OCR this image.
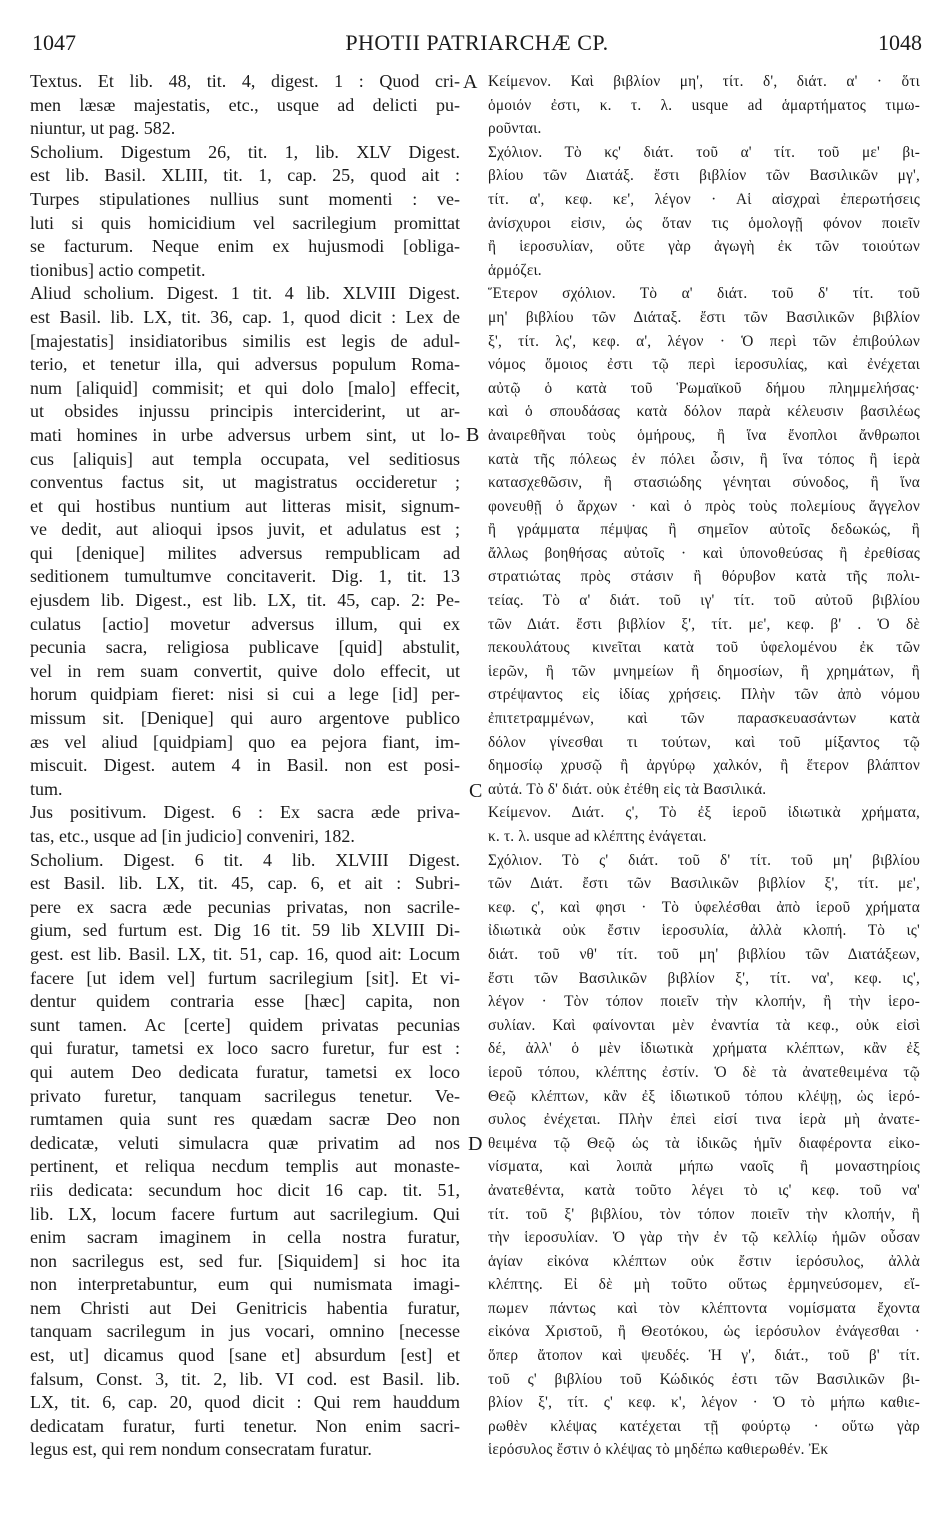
1047	PHOTII PATRIARCHÆ CP.	1048
Textus. Et lib. 48, tit. 4, digest. 1 : Quod cri-
men læsæ majestatis, etc., usque ad delicti pu-
niuntur, ut pag. 582.
Scholium. Digestum 26, tit. 1, lib. XLV Digest.
est lib. Basil. XLIII, tit. 1, cap. 25, quod ait :
Turpes stipulationes nullius sunt momenti : ve-
luti si quis homicidium vel sacrilegium promittat
se facturum. Neque enim ex hujusmodi [obliga-
tionibus] actio competit.
Aliud scholium. Digest. 1 tit. 4 lib. XLVIII Digest.
est Basil. lib. LX, tit. 36, cap. 1, quod dicit : Lex de
[majestatis] insidiatoribus similis est legis de adul-
terio, et tenetur illa, qui adversus populum Roma-
num [aliquid] commisit; et qui dolo [malo] effecit,
ut obsides injussu principis interciderint, ut ar-
mati homines in urbe adversus urbem sint, ut lo-
cus [aliquis] aut templa occupata, vel seditiosus
conventus factus sit, ut magistratus occideretur ;
et qui hostibus nuntium aut litteras misit, signum-
ve dedit, aut alioqui ipsos juvit, et adulatus est ;
qui [denique] milites adversus rempublicam ad
seditionem tumultumve concitaverit. Dig. 1, tit. 13
ejusdem lib. Digest., est lib. LX, tit. 45, cap. 2: Pe-
culatus [actio] movetur adversus illum, qui ex
pecunia sacra, religiosa publicave [quid] abstulit,
vel in rem suam convertit, quive dolo effecit, ut
horum quidpiam fieret: nisi si cui a lege [id] per-
missum sit. [Denique] qui auro argentove publico
æs vel aliud [quidpiam] quo ea pejora fiant, im-
miscuit. Digest. autem 4 in Basil. non est posi-
tum.
Jus positivum. Digest. 6 : Ex sacra æde priva-
tas, etc., usque ad [in judicio] conveniri, 182.
Scholium. Digest. 6 tit. 4 lib. XLVIII Digest.
est Basil. lib. LX, tit. 45, cap. 6, et ait : Subri-
pere ex sacra æde pecunias privatas, non sacrile-
gium, sed furtum est. Dig 16 tit. 59 lib XLVIII Di-
gest. est lib. Basil. LX, tit. 51, cap. 16, quod ait: Locum
facere [ut idem vel] furtum sacrilegium [sit]. Et vi-
dentur quidem contraria esse [hæc] capita, non
sunt tamen. Ac [certe] quidem privatas pecunias
qui furatur, tametsi ex loco sacro furetur, fur est :
qui autem Deo dedicata furatur, tametsi ex loco
privato furetur, tanquam sacrilegus tenetur. Ve-
rumtamen quia sunt res quædam sacræ Deo non
dedicatæ, veluti simulacra quæ privatim ad nos
pertinent, et reliqua necdum templis aut monaste-
riis dedicata: secundum hoc dicit 16 cap. tit. 51,
lib. LX, locum facere furtum aut sacrilegium. Qui
enim sacram imaginem in cella nostra furatur,
non sacrilegus est, sed fur. [Siquidem] si hoc ita
non interpretabuntur, eum qui numismata imagi-
nem Christi aut Dei Genitricis habentia furatur,
tanquam sacrilegum in jus vocari, omnino [necesse
est, ut] dicamus quod [sane et] absurdum [est] et
falsum, Const. 3, tit. 2, lib. VI cod. est Basil. lib.
LX, tit. 6, cap. 20, quod dicit : Qui rem hauddum
dedicatam furatur, furti tenetur. Non enim sacri-
legus est, qui rem nondum consecratam furatur.
Κείμενον. Καὶ βιβλίον μη', τίτ. δ', διάτ. α' · ὅτι
ὁμοιόν ἐστι, κ. τ. λ. usque ad ἁμαρτήματος τιμω-
ροῦνται.
Σχόλιον. Τὸ κς' διάτ. τοῦ α' τίτ. τοῦ με' βι-
βλίου τῶν Διατάξ. ἔστι βιβλίον τῶν Βασιλικῶν μγ',
τίτ. α', κεφ. κε', λέγον · Αἱ αἰσχραὶ ἐπερωτήσεις
ἀνίσχυροι εἰσιν, ὡς ὅταν τις ὁμολογῇ φόνον ποιεῖν
ἢ ἱεροσυλίαν, οὔτε γὰρ ἀγωγὴ ἐκ τῶν τοιούτων
ἁρμόζει.
Ἕτερον σχόλιον. Τὸ α' διάτ. τοῦ δ' τίτ. τοῦ
μη' βιβλίου τῶν Διάταξ. ἔστι τῶν Βασιλικῶν βιβλίον
ξ', τίτ. λς', κεφ. α', λέγον · Ὁ περὶ τῶν ἐπιβούλων
νόμος ὅμοιος ἐστι τῷ περὶ ἱεροσυλίας, καὶ ἐνέχεται
αὐτῷ ὁ κατὰ τοῦ Ῥωμαϊκοῦ δήμου πλημμελήσας·
καὶ ὁ σπουδάσας κατὰ δόλον παρὰ κέλευσιν βασιλέως
ἀναιρεθῆναι τοὺς ὁμήρους, ἢ ἵνα ἔνοπλοι ἄνθρωποι
κατὰ τῆς πόλεως ἐν πόλει ὦσιν, ἢ ἵνα τόπος ἢ ἱερὰ
κατασχεθῶσιν, ἢ στασιώδης γένηται σύνοδος, ἢ ἵνα
φονευθῇ ὁ ἄρχων · καὶ ὁ πρὸς τοὺς πολεμίους ἄγγελον
ἢ γράμματα πέμψας ἢ σημεῖον αὐτοῖς δεδωκώς, ἢ
ἄλλως βοηθήσας αὐτοῖς · καὶ ὑπονοθεύσας ἢ ἐρεθίσας
στρατιώτας πρὸς στάσιν ἢ θόρυβον κατὰ τῆς πολι-
τείας. Τὸ α' διάτ. τοῦ ιγ' τίτ. τοῦ αὐτοῦ βιβλίου
τῶν Διάτ. ἔστι βιβλίον ξ', τίτ. με', κεφ. β' . Ὁ δὲ
πεκουλάτους κινεῖται κατὰ τοῦ ὑφελομένου ἐκ τῶν
ἱερῶν, ἢ τῶν μνημείων ἢ δημοσίων, ἢ χρημάτων, ἢ
στρέψαντος εἰς ἰδίας χρήσεις. Πλὴν τῶν ἀπὸ νόμου
ἐπιτετραμμένων, καὶ τῶν παρασκευασάντων κατὰ
δόλον γίνεσθαι τι τούτων, καὶ τοῦ μίξαντος τῷ
δημοσίῳ χρυσῷ ἢ ἀργύρῳ χαλκόν, ἢ ἕτερον βλάπτον
αὐτά. Τὸ δ' διάτ. οὐκ ἐτέθη εἰς τὰ Βασιλικά.
Κείμενον. Διάτ. ς', Τὸ ἐξ ἱεροῦ ἰδιωτικὰ χρήματα,
κ. τ. λ. usque ad κλέπτης ἐνάγεται.
Σχόλιον. Τὸ ς' διάτ. τοῦ δ' τίτ. τοῦ μη' βιβλίου
τῶν Διάτ. ἔστι τῶν Βασιλικῶν βιβλίον ξ', τίτ. με',
κεφ. ς', καὶ φησι · Τὸ ὑφελέσθαι ἀπὸ ἱεροῦ χρήματα
ἰδιωτικὰ οὐκ ἔστιν ἱεροσυλία, ἀλλὰ κλοπή. Τὸ ις'
διάτ. τοῦ νθ' τίτ. τοῦ μη' βιβλίου τῶν Διατάξεων,
ἔστι τῶν Βασιλικῶν βιβλίον ξ', τίτ. να', κεφ. ις',
λέγον · Τὸν τόπον ποιεῖν τὴν κλοπήν, ἢ τὴν ἱερο-
συλίαν. Καὶ φαίνονται μὲν ἐναντία τὰ κεφ., οὐκ εἰσὶ
δέ, ἀλλ' ὁ μὲν ἰδιωτικὰ χρήματα κλέπτων, κἂν ἐξ
ἱεροῦ τόπου, κλέπτης ἐστίν. Ὁ δὲ τὰ ἀνατεθειμένα τῷ
Θεῷ κλέπτων, κἂν ἐξ ἰδιωτικοῦ τόπου κλέψῃ, ὡς ἱερό-
συλος ἐνέχεται. Πλὴν ἐπεὶ εἰσί τινα ἱερὰ μὴ ἀνατε-
θειμένα τῷ Θεῷ ὡς τὰ ἰδικῶς ἡμῖν διαφέροντα εἰκο-
νίσματα, καὶ λοιπὰ μήπω ναοῖς ἢ μοναστηρίοις
ἀνατεθέντα, κατὰ τοῦτο λέγει τὸ ις' κεφ. τοῦ να'
τίτ. τοῦ ξ' βιβλίου, τὸν τόπον ποιεῖν τὴν κλοπήν, ἢ
τὴν ἱεροσυλίαν. Ὁ γὰρ τὴν ἐν τῷ κελλίῳ ἡμῶν οὖσαν
ἁγίαν εἰκόνα κλέπτων οὐκ ἔστιν ἱερόσυλος, ἀλλὰ
κλέπτης. Εἰ δὲ μὴ τοῦτο οὕτως ἑρμηνεύσομεν, εἴ-
πωμεν πάντως καὶ τὸν κλέπτοντα νομίσματα ἔχοντα
εἰκόνα Χριστοῦ, ἢ Θεοτόκου, ὡς ἱερόσυλον ἐνάγεσθαι ·
ὅπερ ἄτοπον καὶ ψευδές. Ἡ γ', διάτ., τοῦ β' τίτ.
τοῦ ς' βιβλίου τοῦ Κώδικός ἐστι τῶν Βασιλικῶν βι-
βλίον ξ', τίτ. ς' κεφ. κ', λέγον · Ὁ τὸ μήπω καθιε-
ρωθὲν κλέψας κατέχεται τῇ φούρτῳ · οὕτω γὰρ
ἱερόσυλος ἔστιν ὁ κλέψας τὸ μηδέπω καθιερωθέν. Ἐκ
A
B
C
D
